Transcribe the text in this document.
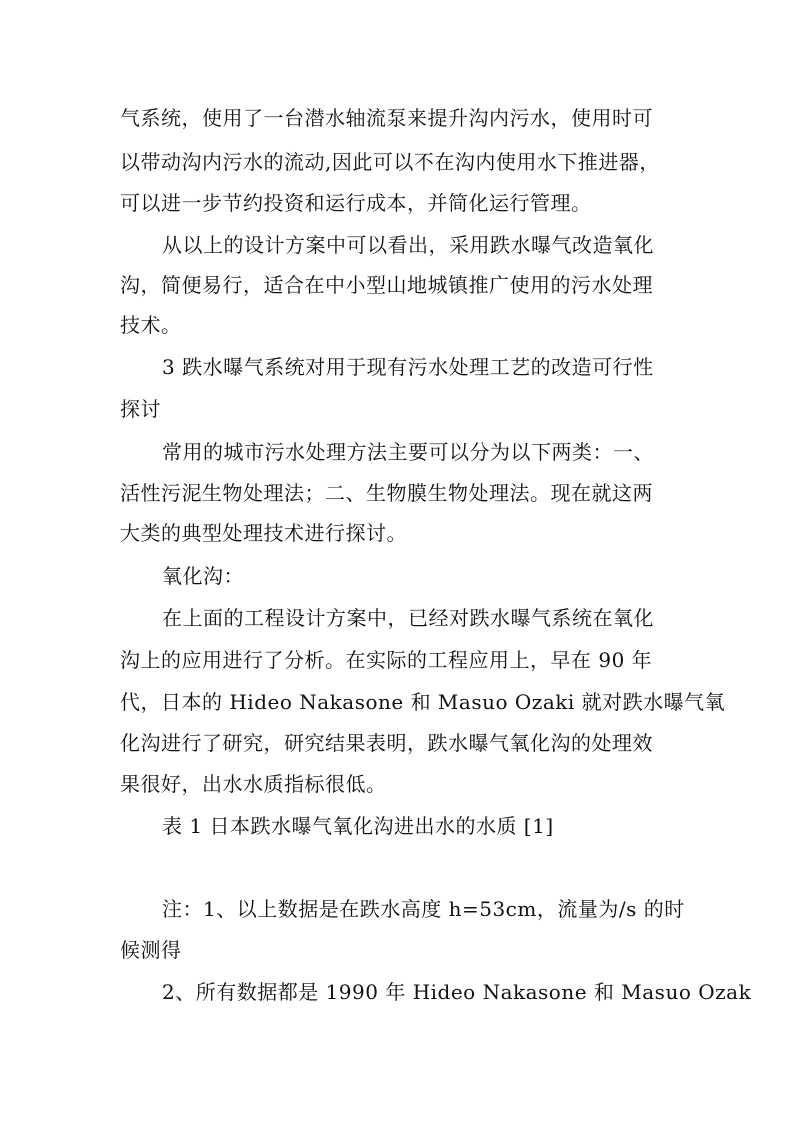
气系统，使用了一台潜水轴流泵来提升沟内污水，使用时可
以带动沟内污水的流动,因此可以不在沟内使用水下推进器，
可以进一步节约投资和运行成本，并简化运行管理。
从以上的设计方案中可以看出，采用跌水曝气改造氧化
沟，简便易行，适合在中小型山地城镇推广使用的污水处理
技术。
3 跌水曝气系统对用于现有污水处理工艺的改造可行性
探讨
常用的城市污水处理方法主要可以分为以下两类：一、
活性污泥生物处理法；二、生物膜生物处理法。现在就这两
大类的典型处理技术进行探讨。
氧化沟：
在上面的工程设计方案中，已经对跌水曝气系统在氧化
沟上的应用进行了分析。在实际的工程应用上，早在 90 年
代，日本的 Hideo Nakasone 和 Masuo Ozaki 就对跌水曝气氧
化沟进行了研究，研究结果表明，跌水曝气氧化沟的处理效
果很好，出水水质指标很低。
表 1 日本跌水曝气氧化沟进出水的水质 [1]
注：1、以上数据是在跌水高度 h=53cm，流量为/s 的时
候测得
2、所有数据都是 1990 年 Hideo Nakasone 和 Masuo Ozak
